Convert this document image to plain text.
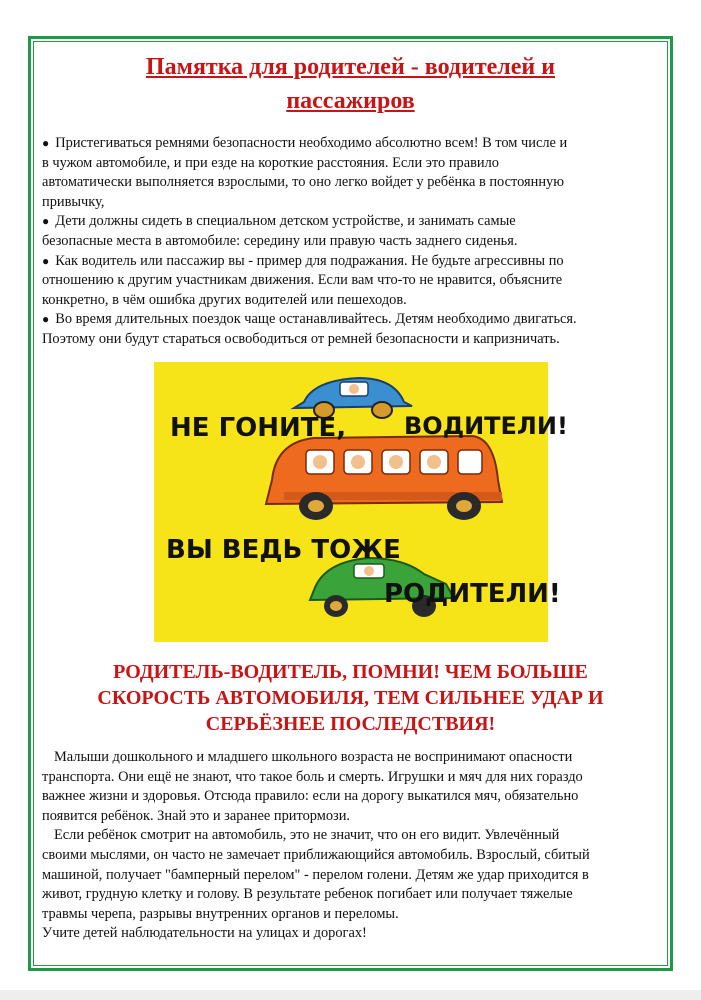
Памятка для родителей - водителей и
пассажиров

● Пристегиваться ремнями безопасности необходимо абсолютно всем! В том числе и

в чужом автомобиле, и при езде на короткие расстояния. Если это правило

автоматически выполняется взрослыми, то оно легко войдет у ребёнка в постоянную

привычку,

● Дети должны сидеть в специальном детском устройстве, и занимать самые

безопасные места в автомобиле: середину или правую часть заднего сиденья.

● Как водитель или пассажир вы - пример для подражания. Не будьте агрессивны по

отношению к другим участникам движения. Если вам что-то не нравится, объясните

конкретно, в чём ошибка других водителей или пешеходов.

● Во время длительных поездок чаще останавливайтесь. Детям необходимо двигаться.

Поэтому они будут стараться освободиться от ремней безопасности и капризничать.

НЕ ГОНИТЕ, ВОДИТЕЛИ!
ВЫ ВЕДЬ ТОЖЕ
РОДИТЕЛИ!
РОДИТЕЛЬ-ВОДИТЕЛЬ, ПОМНИ! ЧЕМ БОЛЬШЕ
СКОРОСТЬ АВТОМОБИЛЯ, ТЕМ СИЛЬНЕЕ УДАР И
СЕРЬЁЗНЕЕ ПОСЛЕДСТВИЯ!

Малыши дошкольного и младшего школьного возраста не воспринимают опасности

транспорта. Они ещё не знают, что такое боль и смерть. Игрушки и мяч для них гораздо

важнее жизни и здоровья. Отсюда правило: если на дорогу выкатился мяч, обязательно

появится ребёнок. Знай это и заранее притормози.

Если ребёнок смотрит на автомобиль, это не значит, что он его видит. Увлечённый

своими мыслями, он часто не замечает приближающийся автомобиль. Взрослый, сбитый

машиной, получает "бамперный перелом" - перелом голени. Детям же удар приходится в

живот, грудную клетку и голову. В результате ребенок погибает или получает тяжелые

травмы черепа, разрывы внутренних органов и переломы.

Учите детей наблюдательности на улицах и дорогах!
